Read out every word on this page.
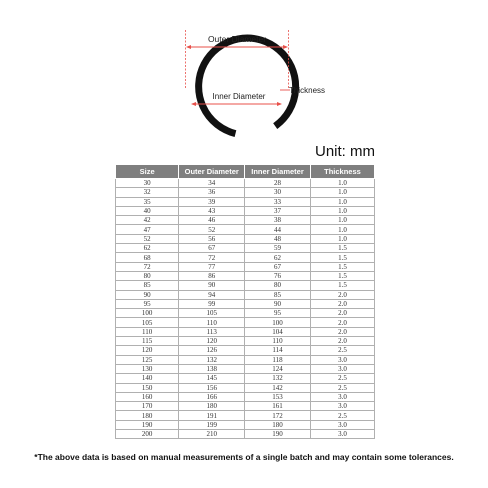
Outer Diameter
Inner Diameter
Thickness
Unit: mm
Size	Outer Diameter	Inner Diameter	Thickness
30	34	28	1.0
32	36	30	1.0
35	39	33	1.0
40	43	37	1.0
42	46	38	1.0
47	52	44	1.0
52	56	48	1.0
62	67	59	1.5
68	72	62	1.5
72	77	67	1.5
80	86	76	1.5
85	90	80	1.5
90	94	85	2.0
95	99	90	2.0
100	105	95	2.0
105	110	100	2.0
110	113	104	2.0
115	120	110	2.0
120	126	114	2.5
125	132	118	3.0
130	138	124	3.0
140	145	132	2.5
150	156	142	2.5
160	166	153	3.0
170	180	161	3.0
180	191	172	2.5
190	199	180	3.0
200	210	190	3.0
*The above data is based on manual measurements of a single batch and may contain some tolerances.
